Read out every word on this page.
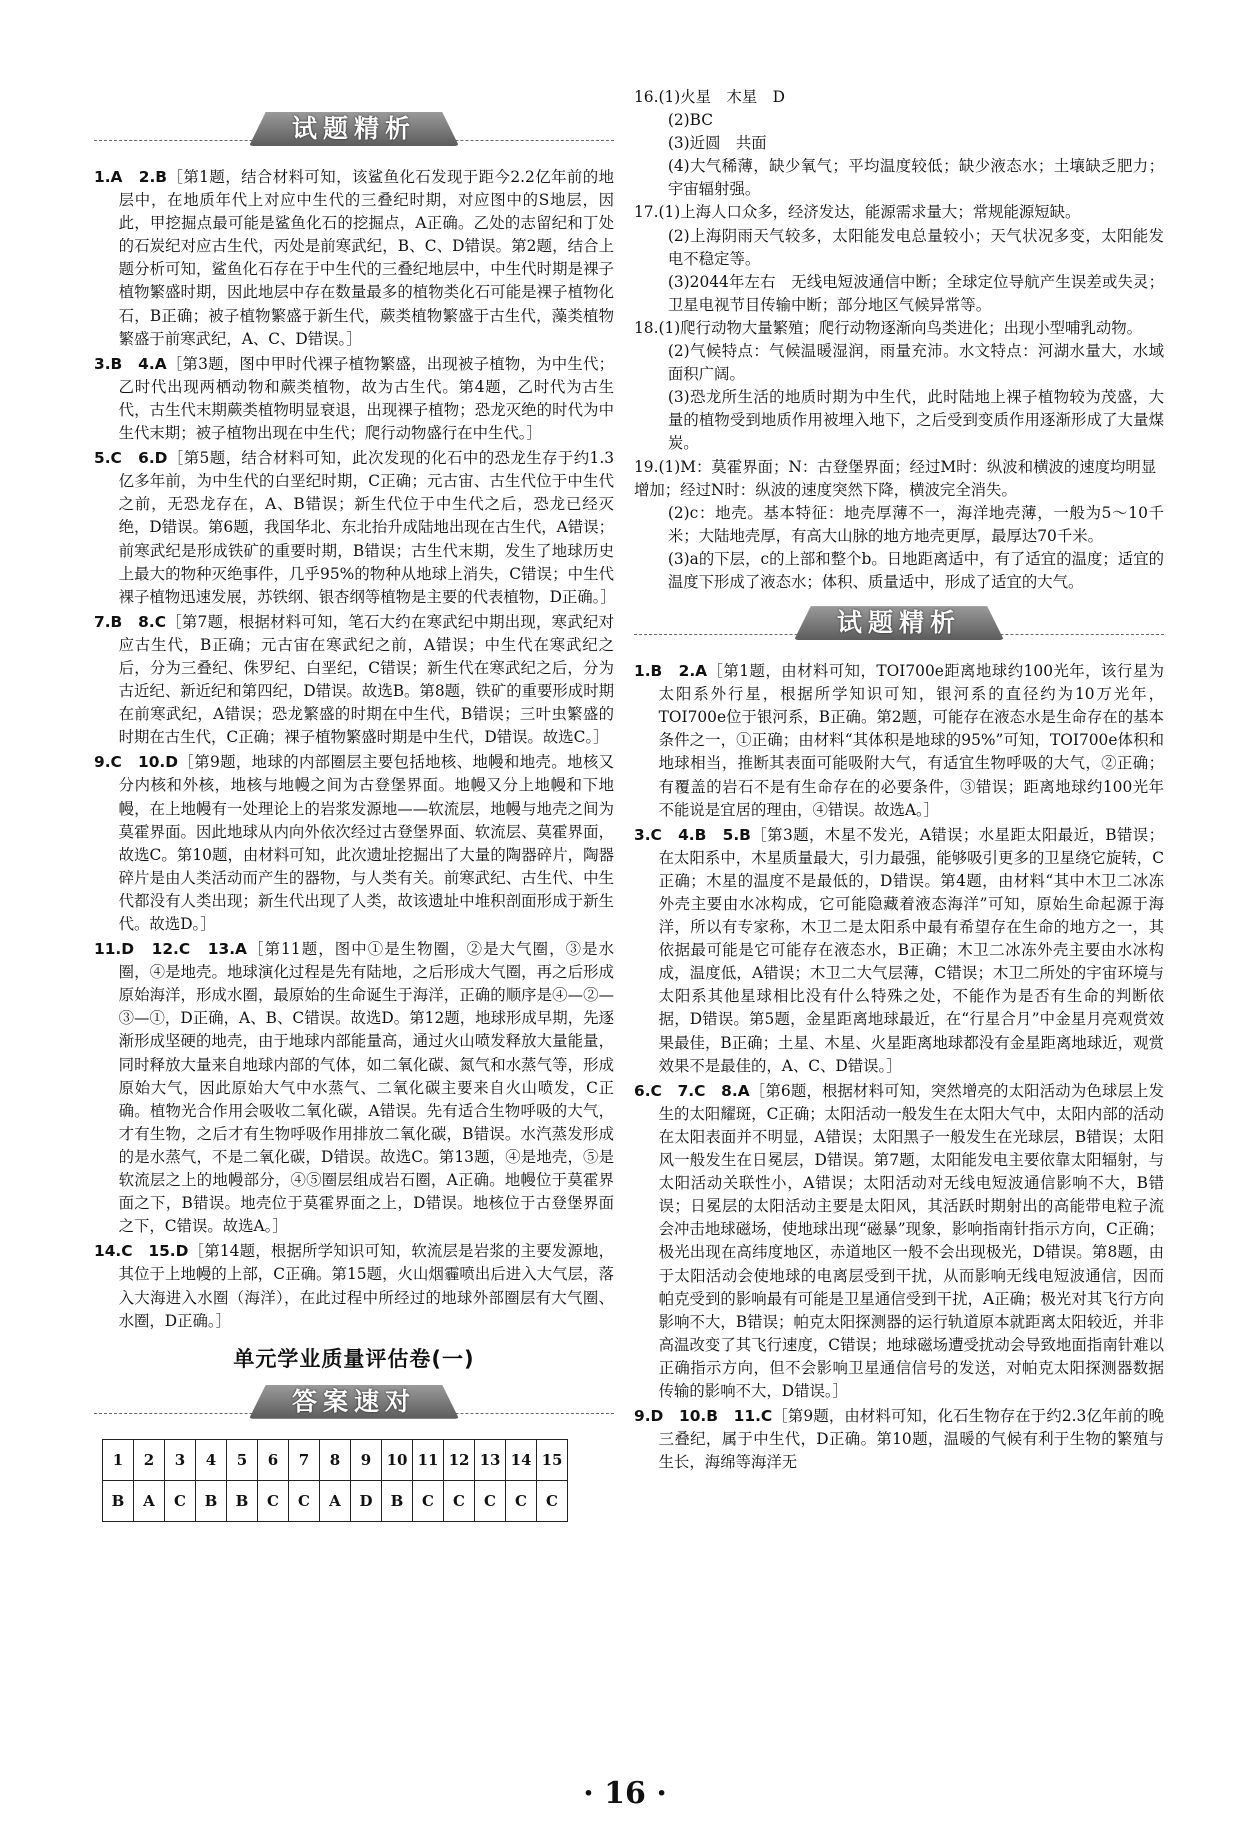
试题精析

1.A　2.B［第1题，结合材料可知，该鲨鱼化石发现于距今2.2亿年前的地层中，在地质年代上对应中生代的三叠纪时期，对应图中的S地层，因此，甲挖掘点最可能是鲨鱼化石的挖掘点，A正确。乙处的志留纪和丁处的石炭纪对应古生代，丙处是前寒武纪，B、C、D错误。第2题，结合上题分析可知，鲨鱼化石存在于中生代的三叠纪地层中，中生代时期是裸子植物繁盛时期，因此地层中存在数量最多的植物类化石可能是裸子植物化石，B正确；被子植物繁盛于新生代，蕨类植物繁盛于古生代，藻类植物繁盛于前寒武纪，A、C、D错误。］

3.B　4.A［第3题，图中甲时代裸子植物繁盛，出现被子植物，为中生代；乙时代出现两栖动物和蕨类植物，故为古生代。第4题，乙时代为古生代，古生代末期蕨类植物明显衰退，出现裸子植物；恐龙灭绝的时代为中生代末期；被子植物出现在中生代；爬行动物盛行在中生代。］

5.C　6.D［第5题，结合材料可知，此次发现的化石中的恐龙生存于约1.3亿多年前，为中生代的白垩纪时期，C正确；元古宙、古生代位于中生代之前，无恐龙存在，A、B错误；新生代位于中生代之后，恐龙已经灭绝，D错误。第6题，我国华北、东北抬升成陆地出现在古生代，A错误；前寒武纪是形成铁矿的重要时期，B错误；古生代末期，发生了地球历史上最大的物种灭绝事件，几乎95%的物种从地球上消失，C错误；中生代裸子植物迅速发展，苏铁纲、银杏纲等植物是主要的代表植物，D正确。］

7.B　8.C［第7题，根据材料可知，笔石大约在寒武纪中期出现，寒武纪对应古生代，B正确；元古宙在寒武纪之前，A错误；中生代在寒武纪之后，分为三叠纪、侏罗纪、白垩纪，C错误；新生代在寒武纪之后，分为古近纪、新近纪和第四纪，D错误。故选B。第8题，铁矿的重要形成时期在前寒武纪，A错误；恐龙繁盛的时期在中生代，B错误；三叶虫繁盛的时期在古生代，C正确；裸子植物繁盛时期是中生代，D错误。故选C。］

9.C　10.D［第9题，地球的内部圈层主要包括地核、地幔和地壳。地核又分内核和外核，地核与地幔之间为古登堡界面。地幔又分上地幔和下地幔，在上地幔有一处理论上的岩浆发源地——软流层，地幔与地壳之间为莫霍界面。因此地球从内向外依次经过古登堡界面、软流层、莫霍界面，故选C。第10题，由材料可知，此次遗址挖掘出了大量的陶器碎片，陶器碎片是由人类活动而产生的器物，与人类有关。前寒武纪、古生代、中生代都没有人类出现；新生代出现了人类，故该遗址中堆积剖面形成于新生代。故选D。］

11.D　12.C　13.A［第11题，图中①是生物圈，②是大气圈，③是水圈，④是地壳。地球演化过程是先有陆地，之后形成大气圈，再之后形成原始海洋，形成水圈，最原始的生命诞生于海洋，正确的顺序是④—②—③—①，D正确，A、B、C错误。故选D。第12题，地球形成早期，先逐渐形成坚硬的地壳，由于地球内部能量高，通过火山喷发释放大量能量，同时释放大量来自地球内部的气体，如二氧化碳、氮气和水蒸气等，形成原始大气，因此原始大气中水蒸气、二氧化碳主要来自火山喷发，C正确。植物光合作用会吸收二氧化碳，A错误。先有适合生物呼吸的大气，才有生物，之后才有生物呼吸作用排放二氧化碳，B错误。水汽蒸发形成的是水蒸气，不是二氧化碳，D错误。故选C。第13题，④是地壳，⑤是软流层之上的地幔部分，④⑤圈层组成岩石圈，A正确。地幔位于莫霍界面之下，B错误。地壳位于莫霍界面之上，D错误。地核位于古登堡界面之下，C错误。故选A。］

14.C　15.D［第14题，根据所学知识可知，软流层是岩浆的主要发源地，其位于上地幔的上部，C正确。第15题，火山烟霾喷出后进入大气层，落入大海进入水圈（海洋），在此过程中所经过的地球外部圈层有大气圈、水圈，D正确。］

单元学业质量评估卷(一)
答案速对
1	2	3	4	5	6	7	8	9	10	11	12	13	14	15
B	A	C	B	B	C	C	A	D	B	C	C	C	C	C

16.(1)火星　木星　D

(2)BC

(3)近圆　共面

(4)大气稀薄，缺少氧气；平均温度较低；缺少液态水；土壤缺乏肥力；宇宙辐射强。

17.(1)上海人口众多，经济发达，能源需求量大；常规能源短缺。

(2)上海阴雨天气较多，太阳能发电总量较小；天气状况多变，太阳能发电不稳定等。

(3)2044年左右　无线电短波通信中断；全球定位导航产生误差或失灵；卫星电视节目传输中断；部分地区气候异常等。

18.(1)爬行动物大量繁殖；爬行动物逐渐向鸟类进化；出现小型哺乳动物。

(2)气候特点：气候温暖湿润，雨量充沛。水文特点：河湖水量大，水域面积广阔。

(3)恐龙所生活的地质时期为中生代，此时陆地上裸子植物较为茂盛，大量的植物受到地质作用被埋入地下，之后受到变质作用逐渐形成了大量煤炭。

19.(1)M：莫霍界面；N：古登堡界面；经过M时：纵波和横波的速度均明显增加；经过N时：纵波的速度突然下降，横波完全消失。

(2)c：地壳。基本特征：地壳厚薄不一，海洋地壳薄，一般为5～10千米；大陆地壳厚，有高大山脉的地方地壳更厚，最厚达70千米。

(3)a的下层，c的上部和整个b。日地距离适中，有了适宜的温度；适宜的温度下形成了液态水；体积、质量适中，形成了适宜的大气。

试题精析

1.B　2.A［第1题，由材料可知，TOI700e距离地球约100光年，该行星为太阳系外行星，根据所学知识可知，银河系的直径约为10万光年，TOI700e位于银河系，B正确。第2题，可能存在液态水是生命存在的基本条件之一，①正确；由材料“其体积是地球的95%”可知，TOI700e体积和地球相当，推断其表面可能吸附大气，有适宜生物呼吸的大气，②正确；有覆盖的岩石不是有生命存在的必要条件，③错误；距离地球约100光年不能说是宜居的理由，④错误。故选A。］

3.C　4.B　5.B［第3题，木星不发光，A错误；水星距太阳最近，B错误；在太阳系中，木星质量最大，引力最强，能够吸引更多的卫星绕它旋转，C正确；木星的温度不是最低的，D错误。第4题，由材料“其中木卫二冰冻外壳主要由水冰构成，它可能隐藏着液态海洋”可知，原始生命起源于海洋，所以有专家称，木卫二是太阳系中最有希望存在生命的地方之一，其依据最可能是它可能存在液态水，B正确；木卫二冰冻外壳主要由水冰构成，温度低，A错误；木卫二大气层薄，C错误；木卫二所处的宇宙环境与太阳系其他星球相比没有什么特殊之处，不能作为是否有生命的判断依据，D错误。第5题，金星距离地球最近，在“行星合月”中金星月亮观赏效果最佳，B正确；土星、木星、火星距离地球都没有金星距离地球近，观赏效果不是最佳的，A、C、D错误。］

6.C　7.C　8.A［第6题，根据材料可知，突然增亮的太阳活动为色球层上发生的太阳耀斑，C正确；太阳活动一般发生在太阳大气中，太阳内部的活动在太阳表面并不明显，A错误；太阳黑子一般发生在光球层，B错误；太阳风一般发生在日冕层，D错误。第7题，太阳能发电主要依靠太阳辐射，与太阳活动关联性小，A错误；太阳活动对无线电短波通信影响不大，B错误；日冕层的太阳活动主要是太阳风，其活跃时期射出的高能带电粒子流会冲击地球磁场，使地球出现“磁暴”现象，影响指南针指示方向，C正确；极光出现在高纬度地区，赤道地区一般不会出现极光，D错误。第8题，由于太阳活动会使地球的电离层受到干扰，从而影响无线电短波通信，因而帕克受到的影响最有可能是卫星通信受到干扰，A正确；极光对其飞行方向影响不大，B错误；帕克太阳探测器的运行轨道原本就距离太阳较近，并非高温改变了其飞行速度，C错误；地球磁场遭受扰动会导致地面指南针难以正确指示方向，但不会影响卫星通信信号的发送，对帕克太阳探测器数据传输的影响不大，D错误。］

9.D　10.B　11.C［第9题，由材料可知，化石生物存在于约2.3亿年前的晚三叠纪，属于中生代，D正确。第10题，温暖的气候有利于生物的繁殖与生长，海绵等海洋无

· 16 ·
